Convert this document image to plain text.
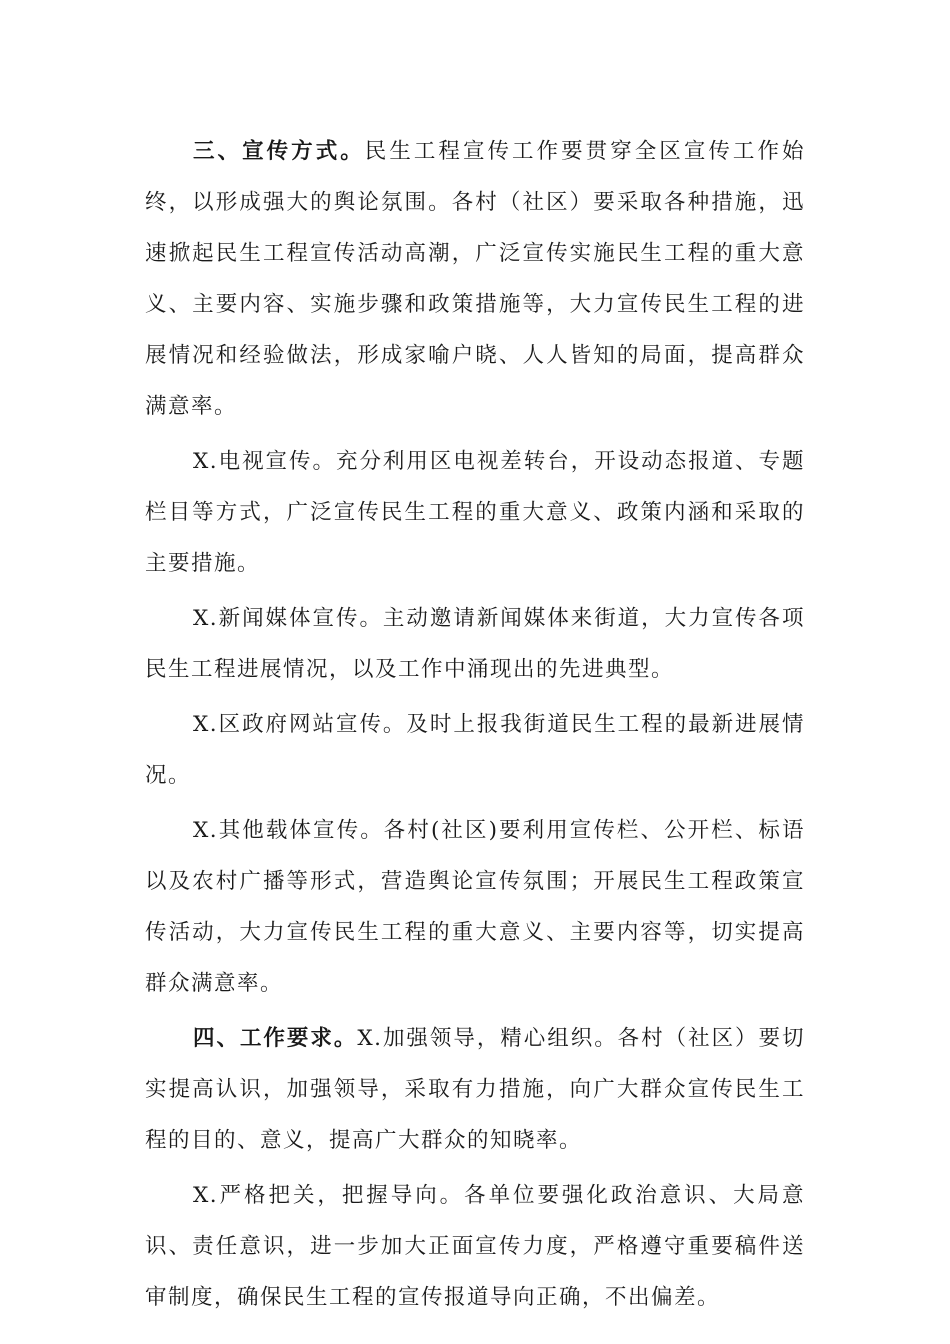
三、宣传方式。民生工程宣传工作要贯穿全区宣传工作始终，以形成强大的舆论氛围。各村（社区）要采取各种措施，迅速掀起民生工程宣传活动高潮，广泛宣传实施民生工程的重大意义、主要内容、实施步骤和政策措施等，大力宣传民生工程的进展情况和经验做法，形成家喻户晓、人人皆知的局面，提高群众满意率。

X.电视宣传。充分利用区电视差转台，开设动态报道、专题栏目等方式，广泛宣传民生工程的重大意义、政策内涵和采取的主要措施。

X.新闻媒体宣传。主动邀请新闻媒体来街道，大力宣传各项民生工程进展情况，以及工作中涌现出的先进典型。

X.区政府网站宣传。及时上报我街道民生工程的最新进展情况。

X.其他载体宣传。各村(社区)要利用宣传栏、公开栏、标语以及农村广播等形式，营造舆论宣传氛围；开展民生工程政策宣传活动，大力宣传民生工程的重大意义、主要内容等，切实提高群众满意率。

四、工作要求。X.加强领导，精心组织。各村（社区）要切实提高认识，加强领导，采取有力措施，向广大群众宣传民生工程的目的、意义，提高广大群众的知晓率。

X.严格把关，把握导向。各单位要强化政治意识、大局意识、责任意识，进一步加大正面宣传力度，严格遵守重要稿件送审制度，确保民生工程的宣传报道导向正确，不出偏差。
